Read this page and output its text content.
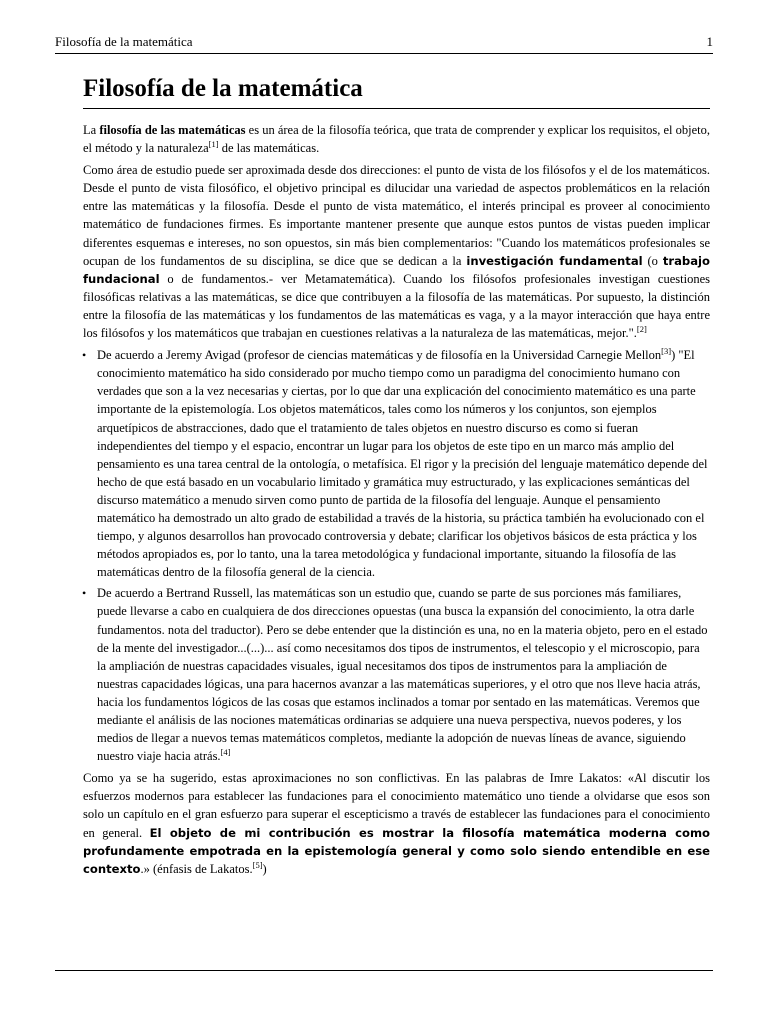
Filosofía de la matemática	1
Filosofía de la matemática

La filosofía de las matemáticas es un área de la filosofía teórica, que trata de comprender y explicar los requisitos, el objeto, el método y la naturaleza[1] de las matemáticas.

Como área de estudio puede ser aproximada desde dos direcciones: el punto de vista de los filósofos y el de los matemáticos. Desde el punto de vista filosófico, el objetivo principal es dilucidar una variedad de aspectos problemáticos en la relación entre las matemáticas y la filosofía. Desde el punto de vista matemático, el interés principal es proveer al conocimiento matemático de fundaciones firmes. Es importante mantener presente que aunque estos puntos de vistas pueden implicar diferentes esquemas e intereses, no son opuestos, sin más bien complementarios: "Cuando los matemáticos profesionales se ocupan de los fundamentos de su disciplina, se dice que se dedican a la investigación fundamental (o trabajo fundacional o de fundamentos.- ver Metamatemática). Cuando los filósofos profesionales investigan cuestiones filosóficas relativas a las matemáticas, se dice que contribuyen a la filosofía de las matemáticas. Por supuesto, la distinción entre la filosofía de las matemáticas y los fundamentos de las matemáticas es vaga, y a la mayor interacción que haya entre los filósofos y los matemáticos que trabajan en cuestiones relativas a la naturaleza de las matemáticas, mejor.".[2]

• De acuerdo a Jeremy Avigad (profesor de ciencias matemáticas y de filosofía en la Universidad Carnegie Mellon[3]) "El conocimiento matemático ha sido considerado por mucho tiempo como un paradigma del conocimiento humano con verdades que son a la vez necesarias y ciertas, por lo que dar una explicación del conocimiento matemático es una parte importante de la epistemología. Los objetos matemáticos, tales como los números y los conjuntos, son ejemplos arquetípicos de abstracciones, dado que el tratamiento de tales objetos en nuestro discurso es como si fueran independientes del tiempo y el espacio, encontrar un lugar para los objetos de este tipo en un marco más amplio del pensamiento es una tarea central de la ontología, o metafísica. El rigor y la precisión del lenguaje matemático depende del hecho de que está basado en un vocabulario limitado y gramática muy estructurado, y las explicaciones semánticas del discurso matemático a menudo sirven como punto de partida de la filosofía del lenguaje. Aunque el pensamiento matemático ha demostrado un alto grado de estabilidad a través de la historia, su práctica también ha evolucionado con el tiempo, y algunos desarrollos han provocado controversia y debate; clarificar los objetivos básicos de esta práctica y los métodos apropiados es, por lo tanto, una la tarea metodológica y fundacional importante, situando la filosofía de las matemáticas dentro de la filosofía general de la ciencia.
• De acuerdo a Bertrand Russell, las matemáticas son un estudio que, cuando se parte de sus porciones más familiares, puede llevarse a cabo en cualquiera de dos direcciones opuestas (una busca la expansión del conocimiento, la otra darle fundamentos. nota del traductor). Pero se debe entender que la distinción es una, no en la materia objeto, pero en el estado de la mente del investigador...(...)... así como necesitamos dos tipos de instrumentos, el telescopio y el microscopio, para la ampliación de nuestras capacidades visuales, igual necesitamos dos tipos de instrumentos para la ampliación de nuestras capacidades lógicas, una para hacernos avanzar a las matemáticas superiores, y el otro que nos lleve hacia atrás, hacia los fundamentos lógicos de las cosas que estamos inclinados a tomar por sentado en las matemáticas. Veremos que mediante el análisis de las nociones matemáticas ordinarias se adquiere una nueva perspectiva, nuevos poderes, y los medios de llegar a nuevos temas matemáticos completos, mediante la adopción de nuevas líneas de avance, siguiendo nuestro viaje hacia atrás.[4]

Como ya se ha sugerido, estas aproximaciones no son conflictivas. En las palabras de Imre Lakatos: «Al discutir los esfuerzos modernos para establecer las fundaciones para el conocimiento matemático uno tiende a olvidarse que esos son solo un capítulo en el gran esfuerzo para superar el escepticismo a través de establecer las fundaciones para el conocimiento en general. El objeto de mi contribución es mostrar la filosofía matemática moderna como profundamente empotrada en la epistemología general y como solo siendo entendible en ese contexto.» (énfasis de Lakatos.[5])
